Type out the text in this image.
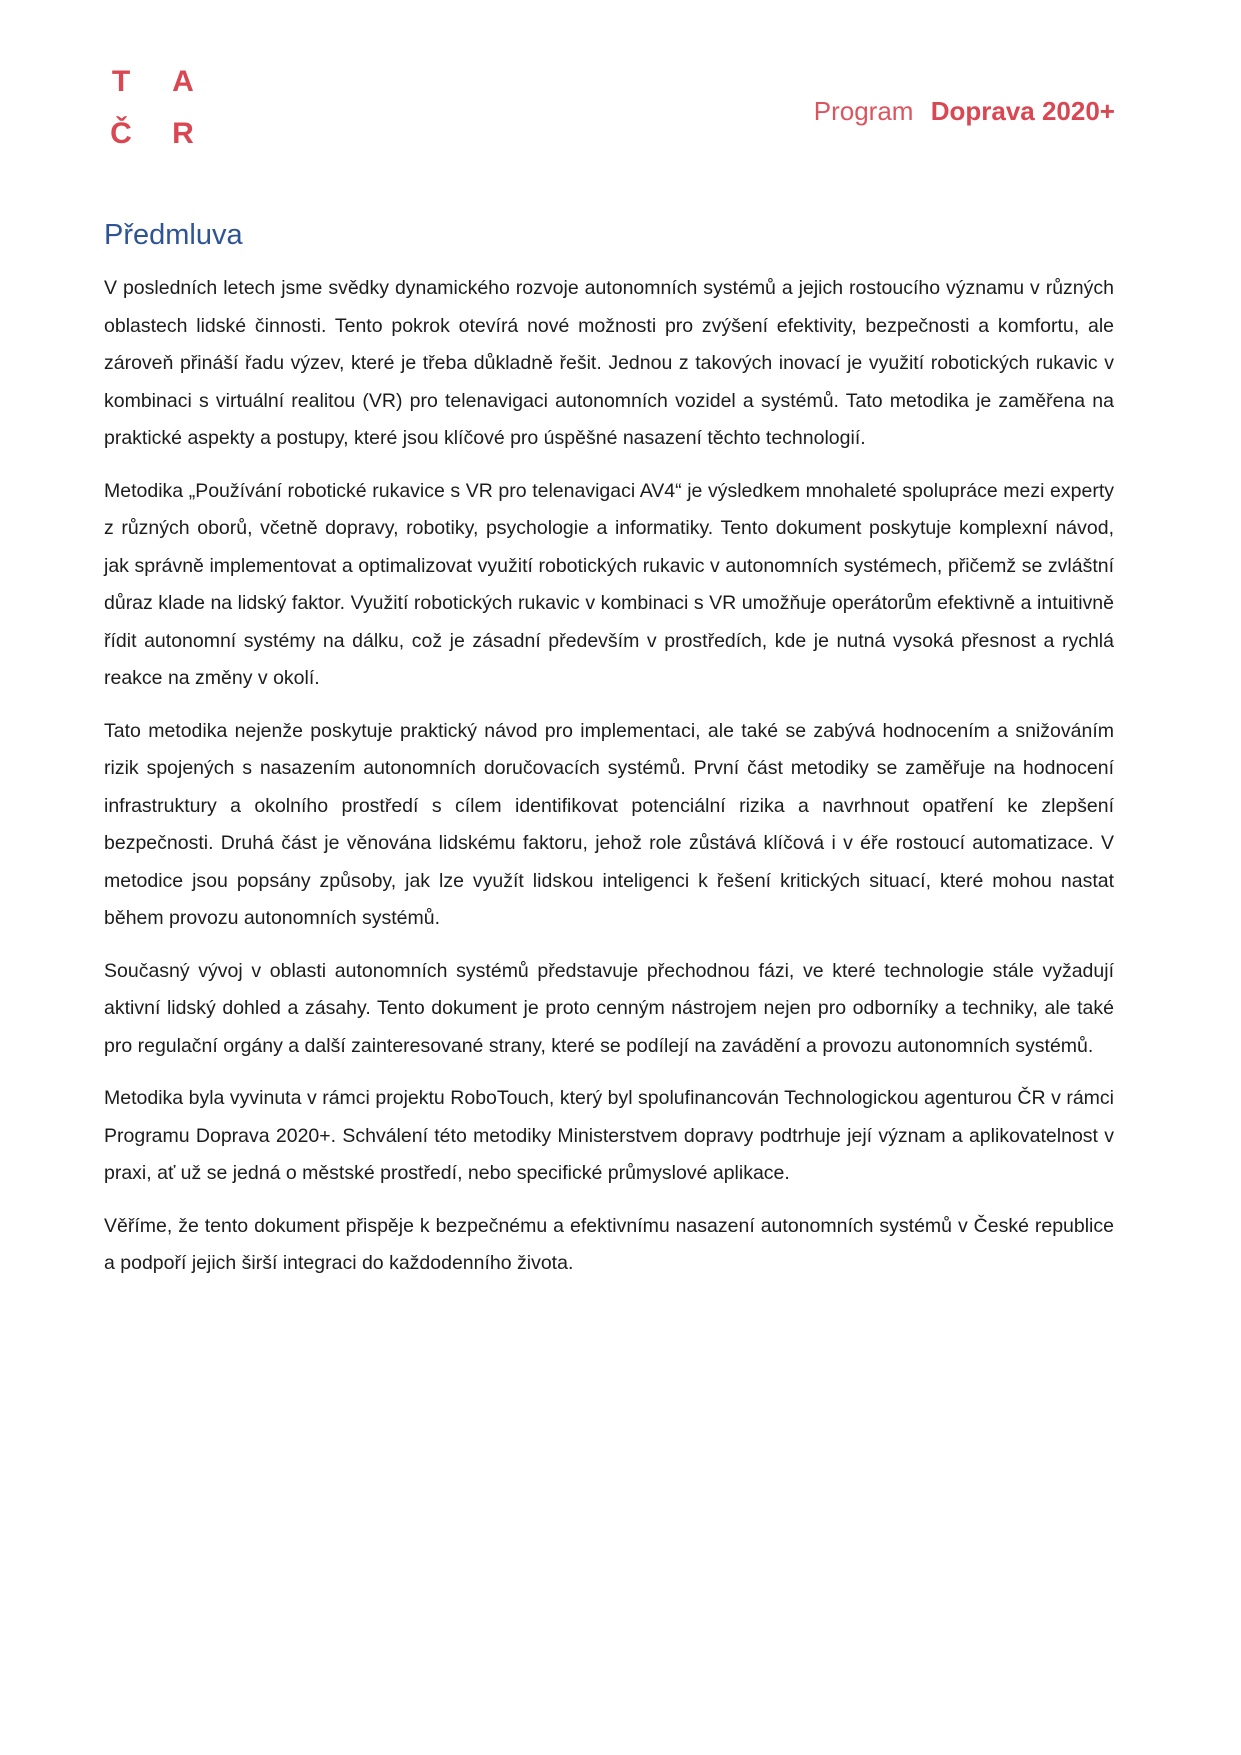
T	A
Č	R
Program Doprava 2020+
Předmluva

V posledních letech jsme svědky dynamického rozvoje autonomních systémů a jejich rostoucího významu v různých oblastech lidské činnosti. Tento pokrok otevírá nové možnosti pro zvýšení efektivity, bezpečnosti a komfortu, ale zároveň přináší řadu výzev, které je třeba důkladně řešit. Jednou z takových inovací je využití robotických rukavic v kombinaci s virtuální realitou (VR) pro telenavigaci autonomních vozidel a systémů. Tato metodika je zaměřena na praktické aspekty a postupy, které jsou klíčové pro úspěšné nasazení těchto technologií.

Metodika „Používání robotické rukavice s VR pro telenavigaci AV4“ je výsledkem mnohaleté spolupráce mezi experty z různých oborů, včetně dopravy, robotiky, psychologie a informatiky. Tento dokument poskytuje komplexní návod, jak správně implementovat a optimalizovat využití robotických rukavic v autonomních systémech, přičemž se zvláštní důraz klade na lidský faktor. Využití robotických rukavic v kombinaci s VR umožňuje operátorům efektivně a intuitivně řídit autonomní systémy na dálku, což je zásadní především v prostředích, kde je nutná vysoká přesnost a rychlá reakce na změny v okolí.

Tato metodika nejenže poskytuje praktický návod pro implementaci, ale také se zabývá hodnocením a snižováním rizik spojených s nasazením autonomních doručovacích systémů. První část metodiky se zaměřuje na hodnocení infrastruktury a okolního prostředí s cílem identifikovat potenciální rizika a navrhnout opatření ke zlepšení bezpečnosti. Druhá část je věnována lidskému faktoru, jehož role zůstává klíčová i v éře rostoucí automatizace. V metodice jsou popsány způsoby, jak lze využít lidskou inteligenci k řešení kritických situací, které mohou nastat během provozu autonomních systémů.

Současný vývoj v oblasti autonomních systémů představuje přechodnou fázi, ve které technologie stále vyžadují aktivní lidský dohled a zásahy. Tento dokument je proto cenným nástrojem nejen pro odborníky a techniky, ale také pro regulační orgány a další zainteresované strany, které se podílejí na zavádění a provozu autonomních systémů.

Metodika byla vyvinuta v rámci projektu RoboTouch, který byl spolufinancován Technologickou agenturou ČR v rámci Programu Doprava 2020+. Schválení této metodiky Ministerstvem dopravy podtrhuje její význam a aplikovatelnost v praxi, ať už se jedná o městské prostředí, nebo specifické průmyslové aplikace.

Věříme, že tento dokument přispěje k bezpečnému a efektivnímu nasazení autonomních systémů v České republice a podpoří jejich širší integraci do každodenního života.
